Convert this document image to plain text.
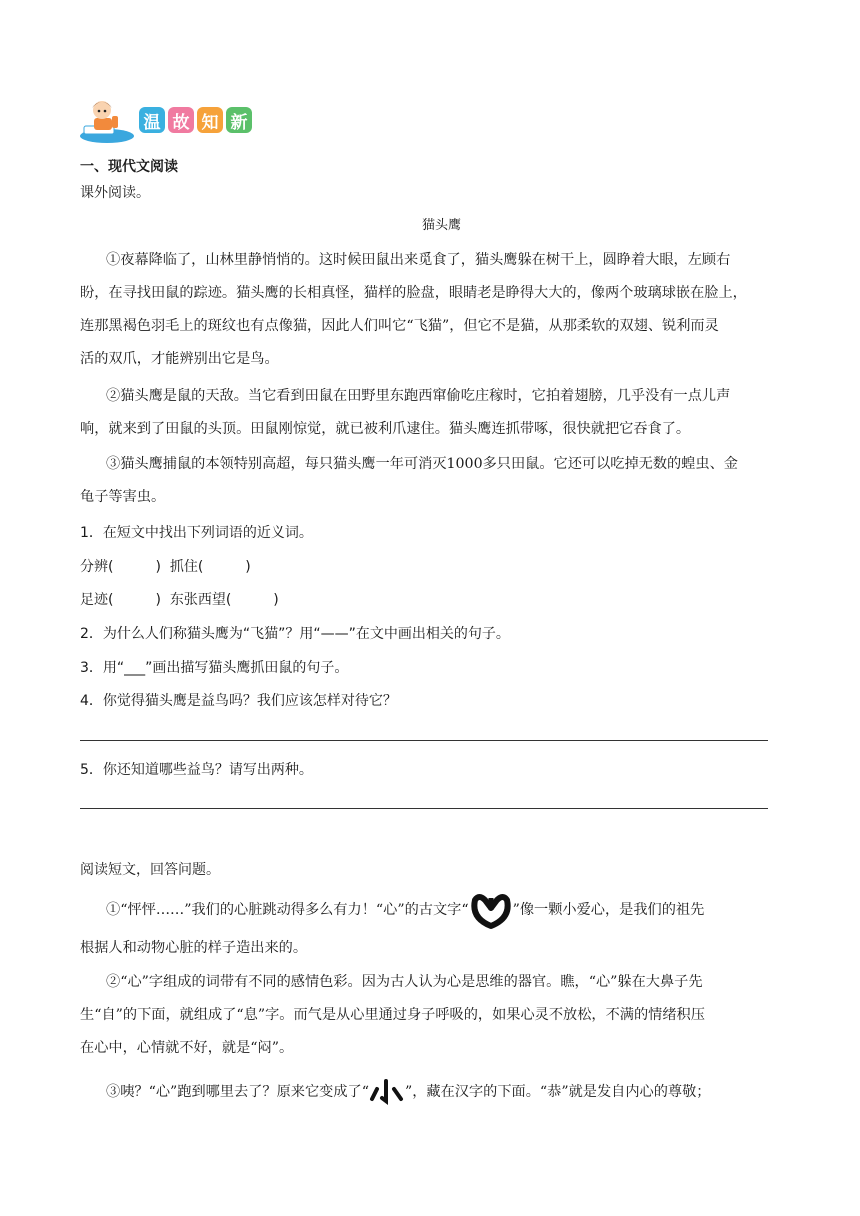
温 故 知 新
一、现代文阅读
课外阅读。
猫头鹰
①夜幕降临了，山林里静悄悄的。这时候田鼠出来觅食了，猫头鹰躲在树干上，圆睁着大眼，左顾右
盼，在寻找田鼠的踪迹。猫头鹰的长相真怪，猫样的脸盘，眼睛老是睁得大大的，像两个玻璃球嵌在脸上，
连那黑褐色羽毛上的斑纹也有点像猫，因此人们叫它“飞猫”，但它不是猫，从那柔软的双翅、锐利而灵
活的双爪，才能辨别出它是鸟。
②猫头鹰是鼠的天敌。当它看到田鼠在田野里东跑西窜偷吃庄稼时，它拍着翅膀，几乎没有一点儿声
响，就来到了田鼠的头顶。田鼠刚惊觉，就已被利爪逮住。猫头鹰连抓带啄，很快就把它吞食了。
③猫头鹰捕鼠的本领特别高超，每只猫头鹰一年可消灭1000多只田鼠。它还可以吃掉无数的蝗虫、金
龟子等害虫。
1．在短文中找出下列词语的近义词。
分辨(　　　)  抓住(　　　)
足迹(　　　)  东张西望(　　　)
2．为什么人们称猫头鹰为“飞猫”？用“——”在文中画出相关的句子。
3．用“___”画出描写猫头鹰抓田鼠的句子。
4．你觉得猫头鹰是益鸟吗？我们应该怎样对待它？
5．你还知道哪些益鸟？请写出两种。
阅读短文，回答问题。
①“怦怦……”我们的心脏跳动得多么有力！“心”的古文字“	”像一颗小爱心，是我们的祖先
根据人和动物心脏的样子造出来的。
②“心”字组成的词带有不同的感情色彩。因为古人认为心是思维的器官。瞧，“心”躲在大鼻子先
生“自”的下面，就组成了“息”字。而气是从心里通过身子呼吸的，如果心灵不放松，不满的情绪积压
在心中，心情就不好，就是“闷”。
③咦？“心”跑到哪里去了？原来它变成了“	”，藏在汉字的下面。“恭”就是发自内心的尊敬；
